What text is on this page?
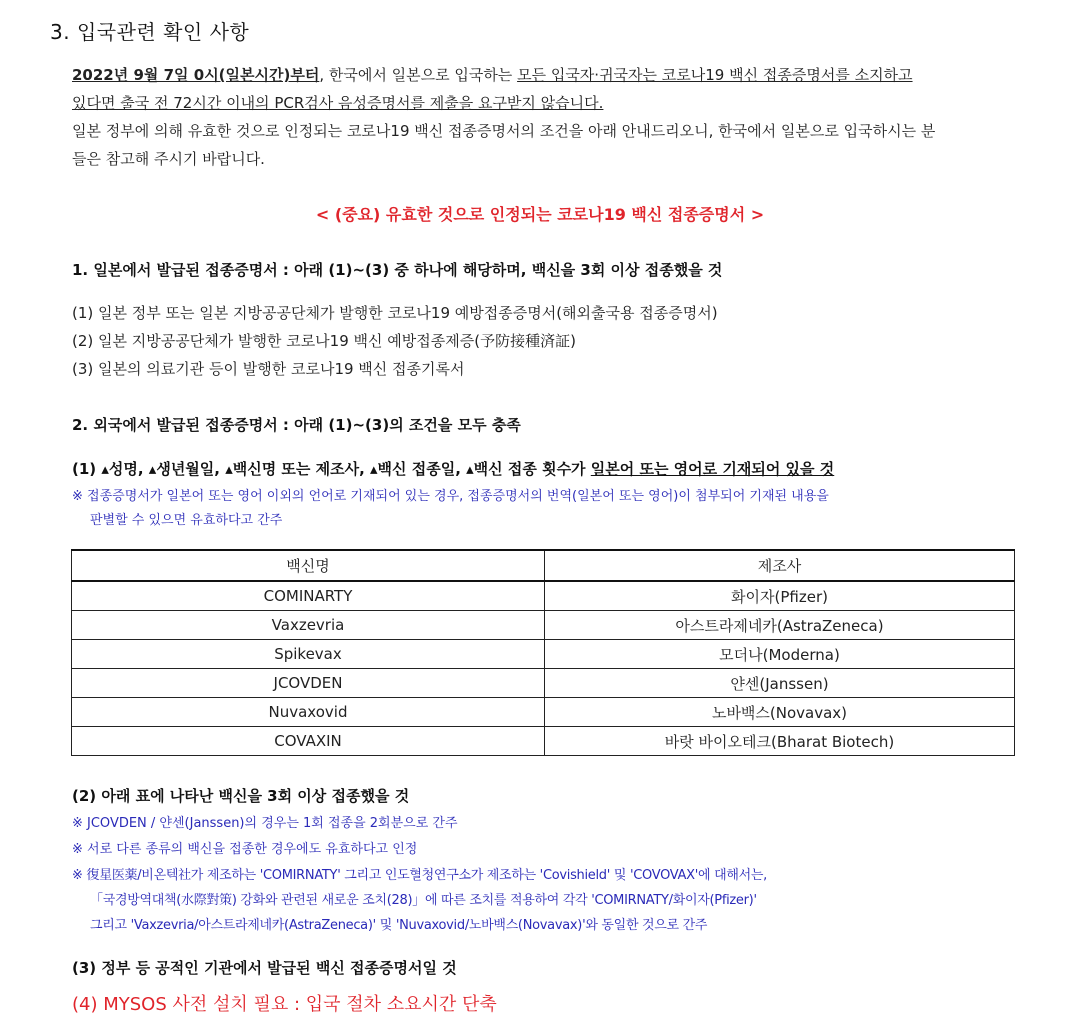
3. 입국관련 확인 사항
2022년 9월 7일 0시(일본시간)부터, 한국에서 일본으로 입국하는 모든 입국자·귀국자는 코로나19 백신 접종증명서를 소지하고
있다면 출국 전 72시간 이내의 PCR검사 음성증명서를 제출을 요구받지 않습니다.
일본 정부에 의해 유효한 것으로 인정되는 코로나19 백신 접종증명서의 조건을 아래 안내드리오니, 한국에서 일본으로 입국하시는 분
들은 참고해 주시기 바랍니다.
< (중요) 유효한 것으로 인정되는 코로나19 백신 접종증명서 >
1. 일본에서 발급된 접종증명서 : 아래 (1)~(3) 중 하나에 해당하며, 백신을 3회 이상 접종했을 것
(1) 일본 정부 또는 일본 지방공공단체가 발행한 코로나19 예방접종증명서(해외출국용 접종증명서)
(2) 일본 지방공공단체가 발행한 코로나19 백신 예방접종제증(予防接種済証)
(3) 일본의 의료기관 등이 발행한 코로나19 백신 접종기록서
2. 외국에서 발급된 접종증명서 : 아래 (1)~(3)의 조건을 모두 충족
(1) ▴성명, ▴생년월일, ▴백신명 또는 제조사, ▴백신 접종일, ▴백신 접종 횟수가 일본어 또는 영어로 기재되어 있을 것
※ 접종증명서가 일본어 또는 영어 이외의 언어로 기재되어 있는 경우, 접종증명서의 번역(일본어 또는 영어)이 첨부되어 기재된 내용을
판별할 수 있으면 유효하다고 간주
백신명	제조사
COMINARTY	화이자(Pfizer)
Vaxzevria	아스트라제네카(AstraZeneca)
Spikevax	모더나(Moderna)
JCOVDEN	얀센(Janssen)
Nuvaxovid	노바백스(Novavax)
COVAXIN	바랏 바이오테크(Bharat Biotech)
(2) 아래 표에 나타난 백신을 3회 이상 접종했을 것
※ JCOVDEN / 얀센(Janssen)의 경우는 1회 접종을 2회분으로 간주
※ 서로 다른 종류의 백신을 접종한 경우에도 유효하다고 인정
※ 復星医薬/비온텍社가 제조하는 'COMIRNATY' 그리고 인도혈청연구소가 제조하는 'Covishield' 및 'COVOVAX'에 대해서는,
「국경방역대책(水際對策) 강화와 관련된 새로운 조치(28)」에 따른 조치를 적용하여 각각 'COMIRNATY/화이자(Pfizer)'
그리고 'Vaxzevria/아스트라제네카(AstraZeneca)' 및 'Nuvaxovid/노바백스(Novavax)'와 동일한 것으로 간주
(3) 정부 등 공적인 기관에서 발급된 백신 접종증명서일 것
(4) MYSOS 사전 설치 필요 : 입국 절차 소요시간 단축
